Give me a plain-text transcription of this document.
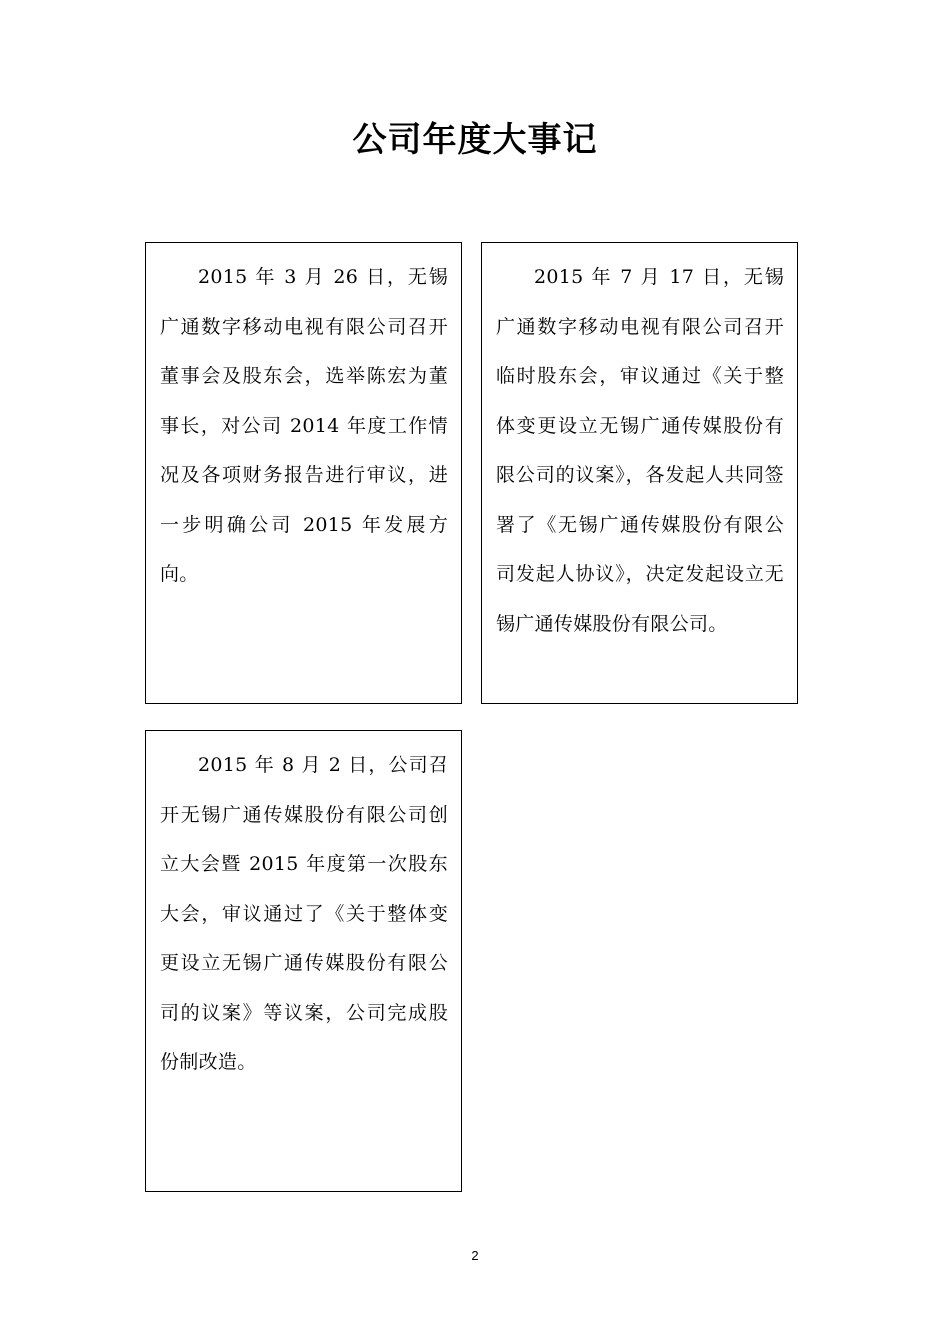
公司年度大事记

2015 年 3 月 26 日，无锡广通数字移动电视有限公司召开董事会及股东会，选举陈宏为董事长，对公司 2014 年度工作情况及各项财务报告进行审议，进一步明确公司 2015 年发展方向。

2015 年 7 月 17 日，无锡广通数字移动电视有限公司召开临时股东会，审议通过《关于整体变更设立无锡广通传媒股份有限公司的议案》，各发起人共同签署了《无锡广通传媒股份有限公司发起人协议》，决定发起设立无锡广通传媒股份有限公司。

2015 年 8 月 2 日，公司召开无锡广通传媒股份有限公司创立大会暨 2015 年度第一次股东大会，审议通过了《关于整体变更设立无锡广通传媒股份有限公司的议案》等议案，公司完成股份制改造。

2
